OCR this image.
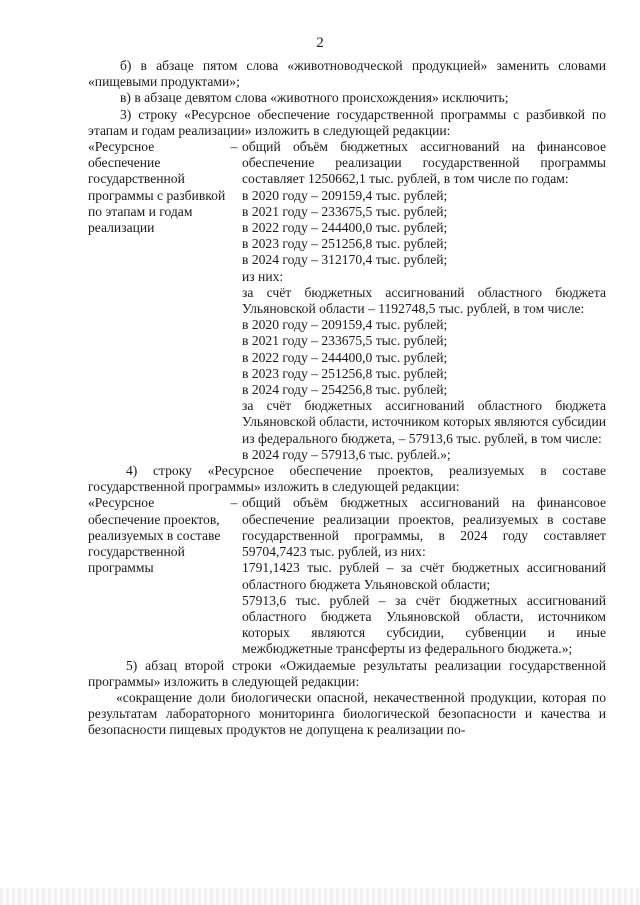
2
б) в абзаце пятом слова «животноводческой продукцией» заменить словами «пищевыми продуктами»;
в) в абзаце девятом слова «животного происхождения» исключить;
3) строку «Ресурсное обеспечение государственной программы с разбивкой по этапам и годам реализации» изложить в следующей редакции:
«Ресурсное обеспечение государственной программы с разбивкой по этапам и годам реализации
– общий объём бюджетных ассигнований на финансовое обеспечение реализации государственной программы составляет 1250662,1 тыс. рублей, в том числе по годам:
в 2020 году – 209159,4 тыс. рублей;
в 2021 году – 233675,5 тыс. рублей;
в 2022 году – 244400,0 тыс. рублей;
в 2023 году – 251256,8 тыс. рублей;
в 2024 году – 312170,4 тыс. рублей;
из них:
за счёт бюджетных ассигнований областного бюджета Ульяновской области – 1192748,5 тыс. рублей, в том числе:
в 2020 году – 209159,4 тыс. рублей;
в 2021 году – 233675,5 тыс. рублей;
в 2022 году – 244400,0 тыс. рублей;
в 2023 году – 251256,8 тыс. рублей;
в 2024 году – 254256,8 тыс. рублей;
за счёт бюджетных ассигнований областного бюджета Ульяновской области, источником которых являются субсидии из федерального бюджета, – 57913,6 тыс. рублей, в том числе:
в 2024 году – 57913,6 тыс. рублей.»;
4) строку «Ресурсное обеспечение проектов, реализуемых в составе государственной программы» изложить в следующей редакции:
«Ресурсное обеспечение проектов, реализуемых в составе государственной программы
– общий объём бюджетных ассигнований на финансовое обеспечение реализации проектов, реализуемых в составе государственной программы, в 2024 году составляет 59704,7423 тыс. рублей, из них:
1791,1423 тыс. рублей – за счёт бюджетных ассигнований областного бюджета Ульяновской области;
57913,6 тыс. рублей – за счёт бюджетных ассигнований областного бюджета Ульяновской области, источником которых являются субсидии, субвенции и иные межбюджетные трансферты из федерального бюджета.»;
5) абзац второй строки «Ожидаемые результаты реализации государственной программы» изложить в следующей редакции:
«сокращение доли биологически опасной, некачественной продукции, которая по результатам лабораторного мониторинга биологической безопасности и качества и безопасности пищевых продуктов не допущена к реализации по-
